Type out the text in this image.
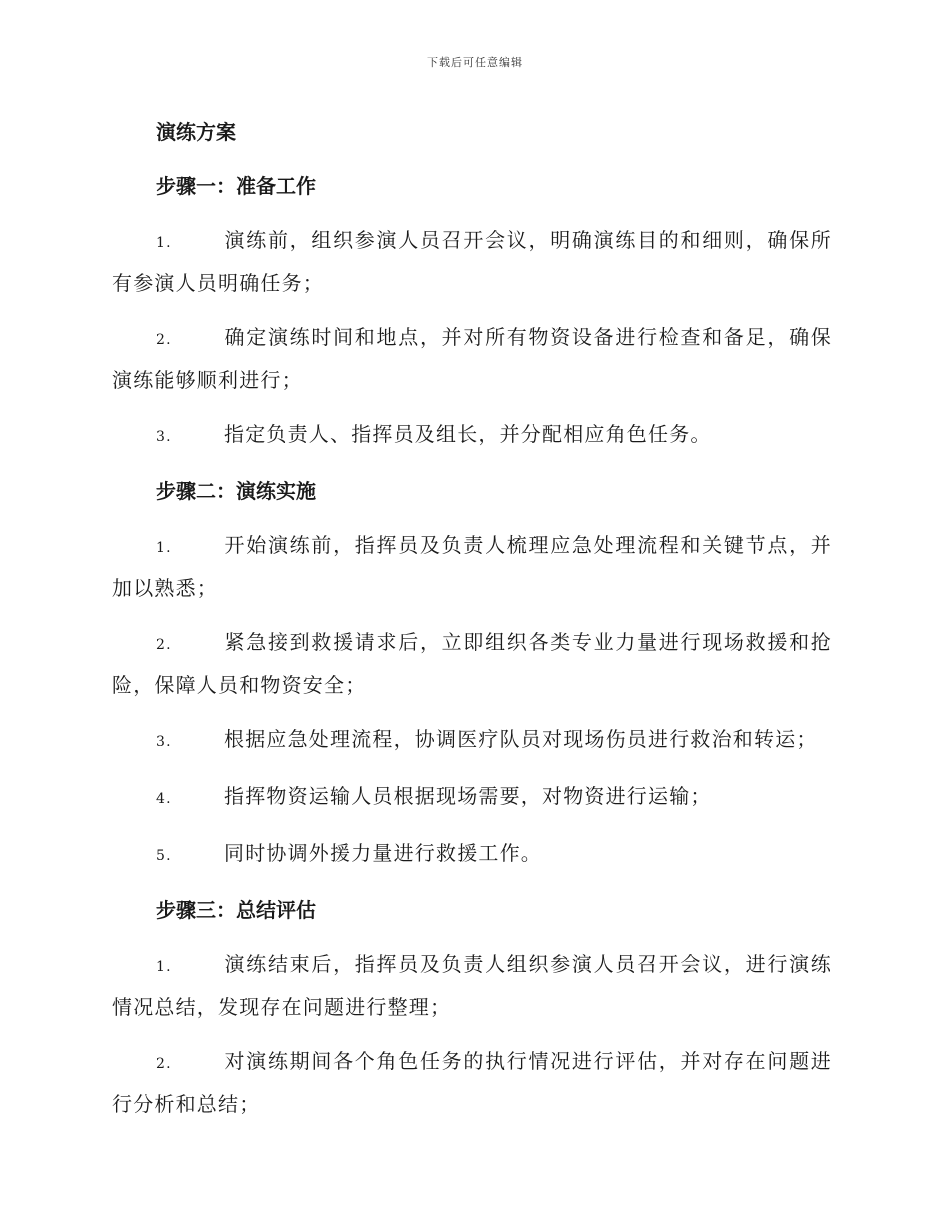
下载后可任意编辑
演练方案
步骤一：准备工作
1.	演练前，组织参演人员召开会议，明确演练目的和细则，确保所有参演人员明确任务；
2.	确定演练时间和地点，并对所有物资设备进行检查和备足，确保演练能够顺利进行；
3.	指定负责人、指挥员及组长，并分配相应角色任务。
步骤二：演练实施
1.	开始演练前，指挥员及负责人梳理应急处理流程和关键节点，并加以熟悉；
2.	紧急接到救援请求后，立即组织各类专业力量进行现场救援和抢险，保障人员和物资安全；
3.	根据应急处理流程，协调医疗队员对现场伤员进行救治和转运；
4.	指挥物资运输人员根据现场需要，对物资进行运输；
5.	同时协调外援力量进行救援工作。
步骤三：总结评估
1.	演练结束后，指挥员及负责人组织参演人员召开会议，进行演练情况总结，发现存在问题进行整理；
2.	对演练期间各个角色任务的执行情况进行评估，并对存在问题进行分析和总结；
